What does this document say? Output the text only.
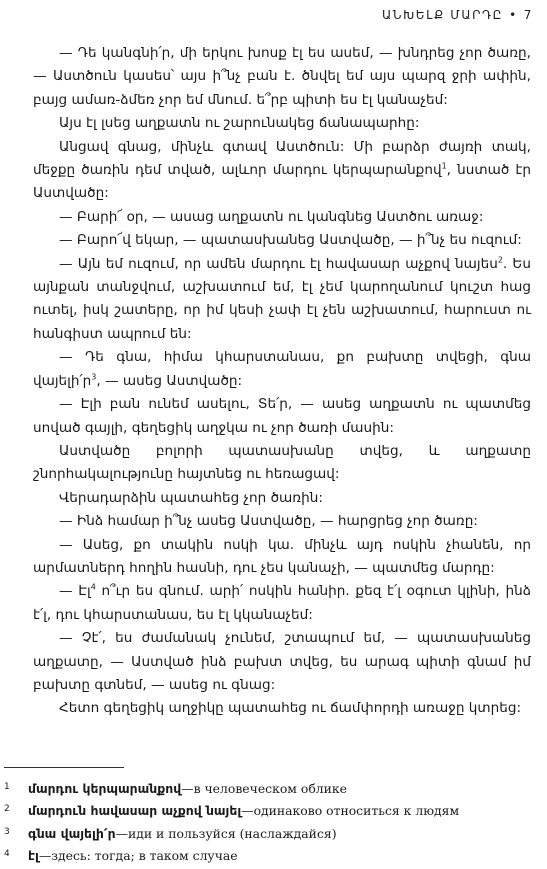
ԱՆԽԵԼՔ ՄԱՐԴԸ • 7

— Դե կանգնի՛ր, մի երկու խոսք էլ ես ասեմ, — խնդրեց չոր ծառը, — Աստծուն կասես՝ այս ի՞նչ բան է. ծնվել եմ այս պարզ ջրի ափին, բայց ամառ-ձմեռ չոր եմ մնում. ե՞րբ պիտի ես էլ կանաչեմ:

Այս էլ լսեց աղքատն ու շարունակեց ճանապարհը:

Անցավ գնաց, մինչև գտավ Աստծուն: Մի բարձր ժայռի տակ, մեջքը ծառին դեմ տված, ալևոր մարդու կերպարանքով$^1$, նստած էր Աստվածը:

— Բարի՜ օր, — ասաց աղքատն ու կանգնեց Աստծու առաջ:

— Բարո՜վ եկար, — պատասխանեց Աստվածը, — ի՞նչ ես ուզում:

— Այն եմ ուզում, որ ամեն մարդու էլ հավասար աչքով նայես$^2$. Ես այնքան տանջվում, աշխատում եմ, էլ չեմ կարողանում կուշտ հաց ուտել, իսկ շատերը, որ իմ կեսի չափ էլ չեն աշխատում, հարուստ ու հանգիստ ապրում են:

— Դե գնա, հիմա կհարստանաս, քո բախտը տվեցի, գնա վայելի՛ր$^3$, — ասեց Աստվածը:

— Էլի բան ունեմ ասելու, Տե՛ր, — ասեց աղքատն ու պատմեց սոված գայլի, գեղեցիկ աղջկա ու չոր ծառի մասին:

Աստվածը բոլորի պատասխանը տվեց, և աղքատը շնորհակալությունը հայտնեց ու հեռացավ:

Վերադարձին պատահեց չոր ծառին:

— Ինձ համար ի՞նչ ասեց Աստվածը, — հարցրեց չոր ծառը:

— Ասեց, քո տակին ոսկի կա. մինչև այդ ոսկին չհանեն, որ արմատներդ հողին հասնի, դու չես կանաչի, — պատմեց մարդը:

— Էլ$^4$ ո՞ւր ես գնում. արի՛ ոսկին հանիր. քեզ է՛լ օգուտ կլինի, ինձ է՛լ, դու կհարստանաս, ես էլ կկանաչեմ:

— Չէ՛, ես ժամանակ չունեմ, շտապում եմ, — պատասխանեց աղքատը, — Աստված ինձ բախտ տվեց, ես արագ պիտի գնամ իմ բախտը գտնեմ, — ասեց ու գնաց:

Հետո գեղեցիկ աղջիկը պատահեց ու ճամփորդի առաջը կտրեց:

1	մարդու կերպարանքով — в человеческом облике
2	մարդուն հավասար աչքով նայել — одинаково относиться к людям
3	գնա վայելի՛ր — иди и пользуйся (наслаждайся)
4	էլ — здесь : тогда; в таком случае
